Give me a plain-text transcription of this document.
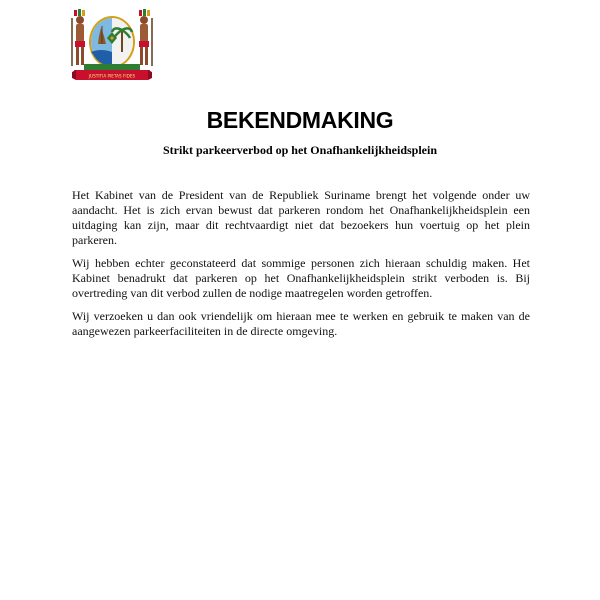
JUSTITIA PIETAS FIDES
BEKENDMAKING
Strikt parkeerverbod op het Onafhankelijkheidsplein

Het Kabinet van de President van de Republiek Suriname brengt het volgende onder uw aandacht. Het is zich ervan bewust dat parkeren rondom het Onafhankelijkheidsplein een uitdaging kan zijn, maar dit rechtvaardigt niet dat bezoekers hun voertuig op het plein parkeren.

Wij hebben echter geconstateerd dat sommige personen zich hieraan schuldig maken. Het Kabinet benadrukt dat parkeren op het Onafhankelijkheidsplein strikt verboden is. Bij overtreding van dit verbod zullen de nodige maatregelen worden getroffen.

Wij verzoeken u dan ook vriendelijk om hieraan mee te werken en gebruik te maken van de aangewezen parkeerfaciliteiten in de directe omgeving.
